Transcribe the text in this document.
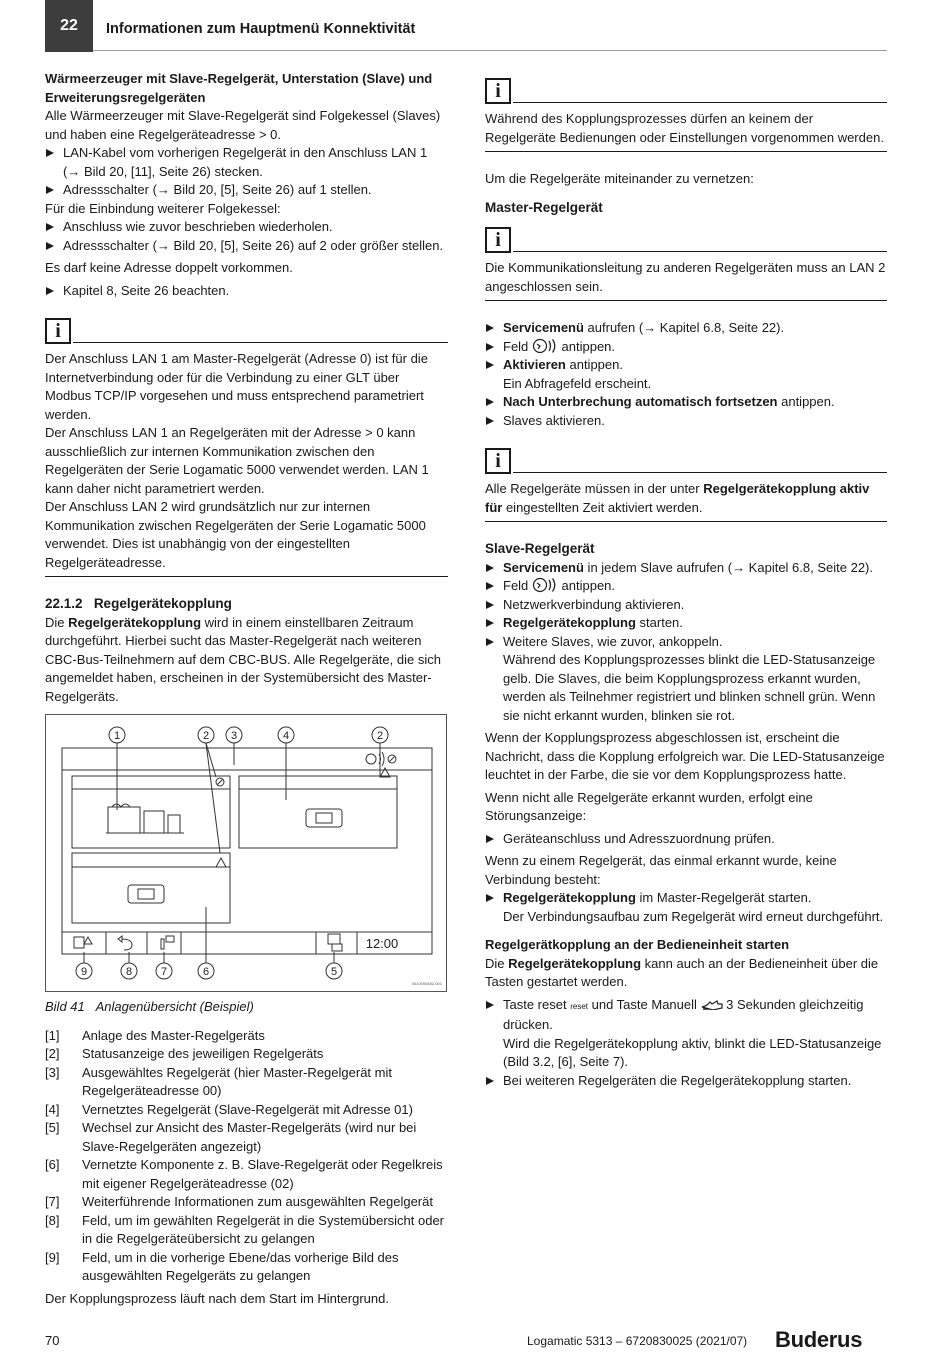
22	Informationen zum Hauptmenü Konnektivität

Wärmeerzeuger mit Slave-Regelgerät, Unterstation (Slave) und Erweiterungsregelgeräten

Alle Wärmeerzeuger mit Slave-Regelgerät sind Folgekessel (Slaves) und haben eine Regelgeräteadresse > 0.

LAN-Kabel vom vorherigen Regelgerät in den Anschluss LAN 1 (→ Bild 20, [11], Seite 26) stecken.
Adressschalter (→ Bild 20, [5], Seite 26) auf 1 stellen.

Für die Einbindung weiterer Folgekessel:

Anschluss wie zuvor beschrieben wiederholen.
Adressschalter (→ Bild 20, [5], Seite 26) auf 2 oder größer stellen.

Es darf keine Adresse doppelt vorkommen.

Kapitel 8, Seite 26 beachten.
i

Der Anschluss LAN 1 am Master-Regelgerät (Adresse 0) ist für die Internetverbindung oder für die Verbindung zu einer GLT über Modbus TCP/IP vorgesehen und muss entsprechend parametriert werden.

Der Anschluss LAN 1 an Regelgeräten mit der Adresse > 0 kann ausschließlich zur internen Kommunikation zwischen den Regelgeräten der Serie Logamatic 5000 verwendet werden. LAN 1 kann daher nicht parametriert werden.

Der Anschluss LAN 2 wird grundsätzlich nur zur internen Kommunikation zwischen Regelgeräten der Serie Logamatic 5000 verwendet. Dies ist unabhängig von der eingestellten Regelgeräteadresse.

22.1.2 Regelgerätekopplung

Die Regelgerätekopplung wird in einem einstellbaren Zeitraum durchgeführt. Hierbei sucht das Master-Regelgerät nach weiteren CBC-Bus-Teilnehmern auf dem CBC-BUS. Alle Regelgeräte, die sich angemeldet haben, erscheinen in der Systemübersicht des Master-Regelgeräts.

1	2 3	4	2
9	8	7	6	5
12:00
0010000482-001

Bild 41 Anlagenübersicht (Beispiel)

[1]	Anlage des Master-Regelgeräts
[2]	Statusanzeige des jeweiligen Regelgeräts
[3]	Ausgewähltes Regelgerät (hier Master-Regelgerät mit Regelgeräteadresse 00)
[4]	Vernetztes Regelgerät (Slave-Regelgerät mit Adresse 01)
[5]	Wechsel zur Ansicht des Master-Regelgeräts (wird nur bei Slave-Regelgeräten angezeigt)
[6]	Vernetzte Komponente z. B. Slave-Regelgerät oder Regelkreis mit eigener Regelgeräteadresse (02)
[7]	Weiterführende Informationen zum ausgewählten Regelgerät
[8]	Feld, um im gewählten Regelgerät in die Systemübersicht oder in die Regelgeräteübersicht zu gelangen
[9]	Feld, um in die vorherige Ebene/das vorherige Bild des ausgewählten Regelgeräts zu gelangen

Der Kopplungsprozess läuft nach dem Start im Hintergrund.

i

Während des Kopplungsprozesses dürfen an keinem der Regelgeräte Bedienungen oder Einstellungen vorgenommen werden.

Um die Regelgeräte miteinander zu vernetzen:

Master-Regelgerät

i

Die Kommunikationsleitung zu anderen Regelgeräten muss an LAN 2 angeschlossen sein.

Servicemenü aufrufen (→ Kapitel 6.8, Seite 22).
Feld  antippen.
Aktivieren antippen.
Ein Abfragefeld erscheint.
Nach Unterbrechung automatisch fortsetzen antippen.
Slaves aktivieren.
i

Alle Regelgeräte müssen in der unter Regelgerätekopplung aktiv für eingestellten Zeit aktiviert werden.

Slave-Regelgerät

Servicemenü in jedem Slave aufrufen (→ Kapitel 6.8, Seite 22).
Feld  antippen.
Netzwerkverbindung aktivieren.
Regelgerätekopplung starten.
Weitere Slaves, wie zuvor, ankoppeln.
Während des Kopplungsprozesses blinkt die LED-Statusanzeige gelb. Die Slaves, die beim Kopplungsprozess erkannt wurden, werden als Teilnehmer registriert und blinken schnell grün. Wenn sie nicht erkannt wurden, blinken sie rot.

Wenn der Kopplungsprozess abgeschlossen ist, erscheint die Nachricht, dass die Kopplung erfolgreich war. Die LED-Statusanzeige leuchtet in der Farbe, die sie vor dem Kopplungsprozess hatte.

Wenn nicht alle Regelgeräte erkannt wurden, erfolgt eine Störungsanzeige:

Geräteanschluss und Adresszuordnung prüfen.

Wenn zu einem Regelgerät, das einmal erkannt wurde, keine Verbindung besteht:

Regelgerätekopplung im Master-Regelgerät starten.
Der Verbindungsaufbau zum Regelgerät wird erneut durchgeführt.

Regelgerätkopplung an der Bedieneinheit starten

Die Regelgerätekopplung kann auch an der Bedieneinheit über die Tasten gestartet werden.

Taste reset reset und Taste Manuell  3 Sekunden gleichzeitig drücken.
Wird die Regelgerätekopplung aktiv, blinkt die LED-Statusanzeige (Bild 3.2, [6], Seite 7).
Bei weiteren Regelgeräten die Regelgerätekopplung starten.
70	Logamatic 5313 – 6720830025 (2021/07) Buderus
